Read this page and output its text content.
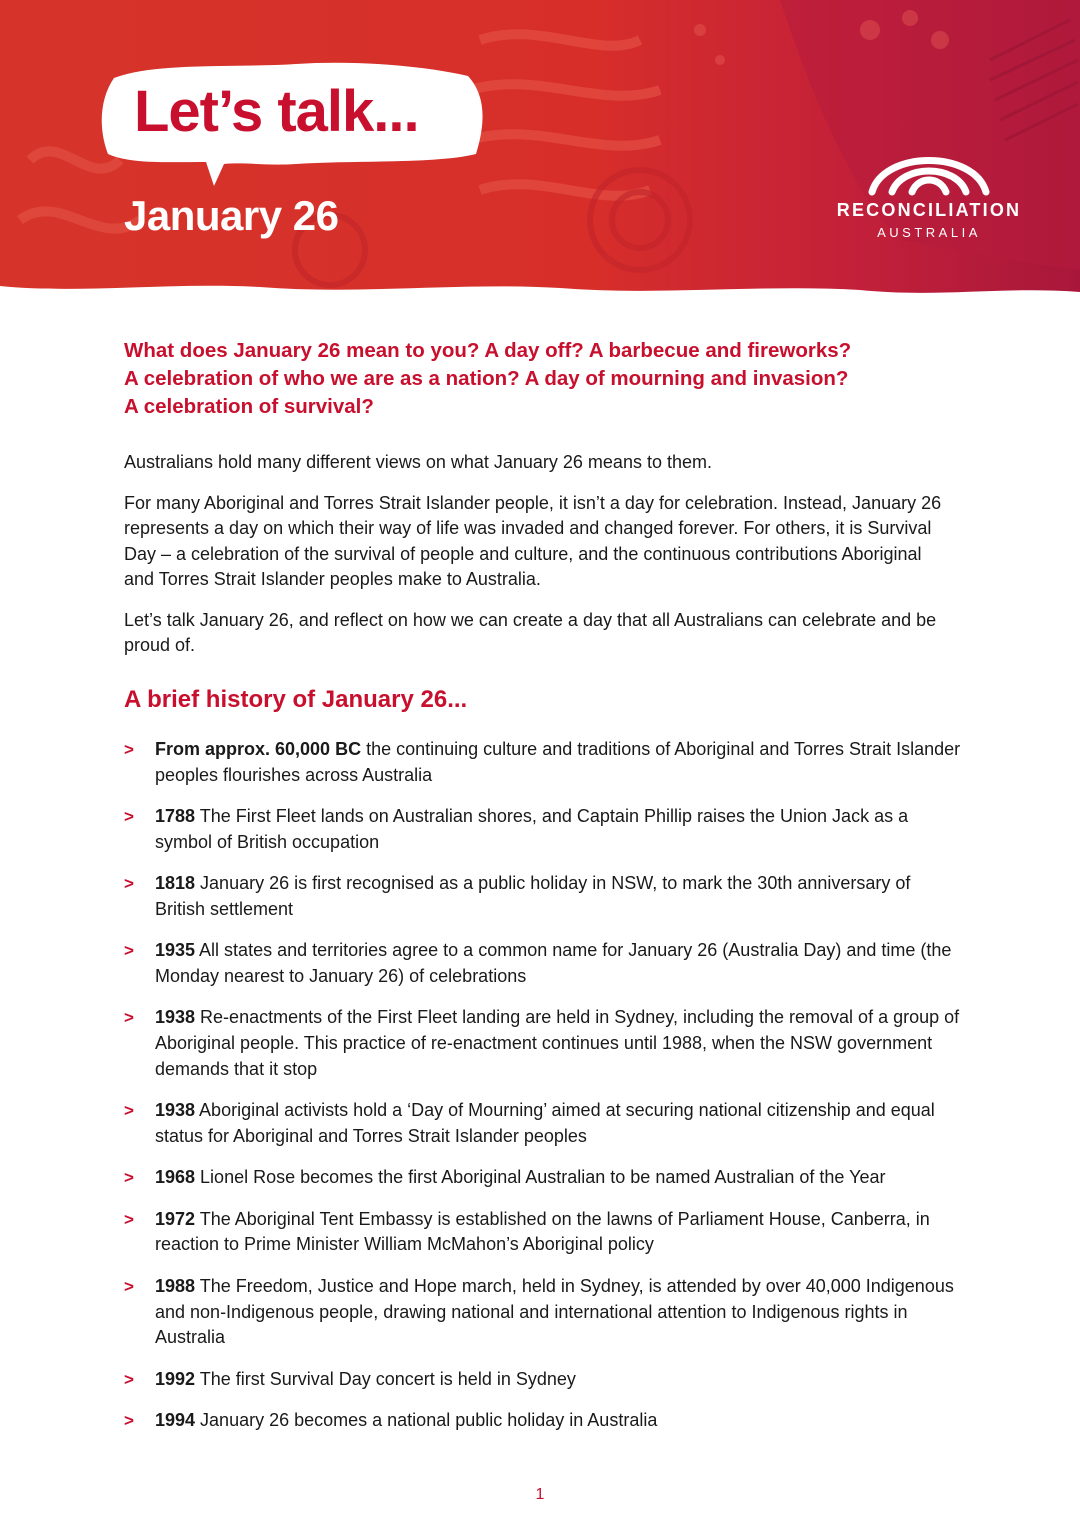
Let’s talk...
January 26	RECONCILIATION
AUSTRALIA
What does January 26 mean to you? A day off? A barbecue and fireworks?
A celebration of who we are as a nation? A day of mourning and invasion?
A celebration of survival?

Australians hold many different views on what January 26 means to them.

For many Aboriginal and Torres Strait Islander people, it isn’t a day for celebration. Instead, January 26 represents a day on which their way of life was invaded and changed forever. For others, it is Survival Day – a celebration of the survival of people and culture, and the continuous contributions Aboriginal and Torres Strait Islander peoples make to Australia.

Let’s talk January 26, and reflect on how we can create a day that all Australians can celebrate and be proud of.

A brief history of January 26...
> From approx. 60,000 BC the continuing culture and traditions of Aboriginal and Torres Strait Islander peoples flourishes across Australia
> 1788 The First Fleet lands on Australian shores, and Captain Phillip raises the Union Jack as a symbol of British occupation
> 1818 January 26 is first recognised as a public holiday in NSW, to mark the 30th anniversary of British settlement
> 1935 All states and territories agree to a common name for January 26 (Australia Day) and time (the Monday nearest to January 26) of celebrations
> 1938 Re-enactments of the First Fleet landing are held in Sydney, including the removal of a group of Aboriginal people. This practice of re-enactment continues until 1988, when the NSW government demands that it stop
> 1938 Aboriginal activists hold a ‘Day of Mourning’ aimed at securing national citizenship and equal status for Aboriginal and Torres Strait Islander peoples
> 1968 Lionel Rose becomes the first Aboriginal Australian to be named Australian of the Year
> 1972 The Aboriginal Tent Embassy is established on the lawns of Parliament House, Canberra, in reaction to Prime Minister William McMahon’s Aboriginal policy
> 1988 The Freedom, Justice and Hope march, held in Sydney, is attended by over 40,000 Indigenous and non-Indigenous people, drawing national and international attention to Indigenous rights in Australia
> 1992 The first Survival Day concert is held in Sydney
> 1994 January 26 becomes a national public holiday in Australia
1
